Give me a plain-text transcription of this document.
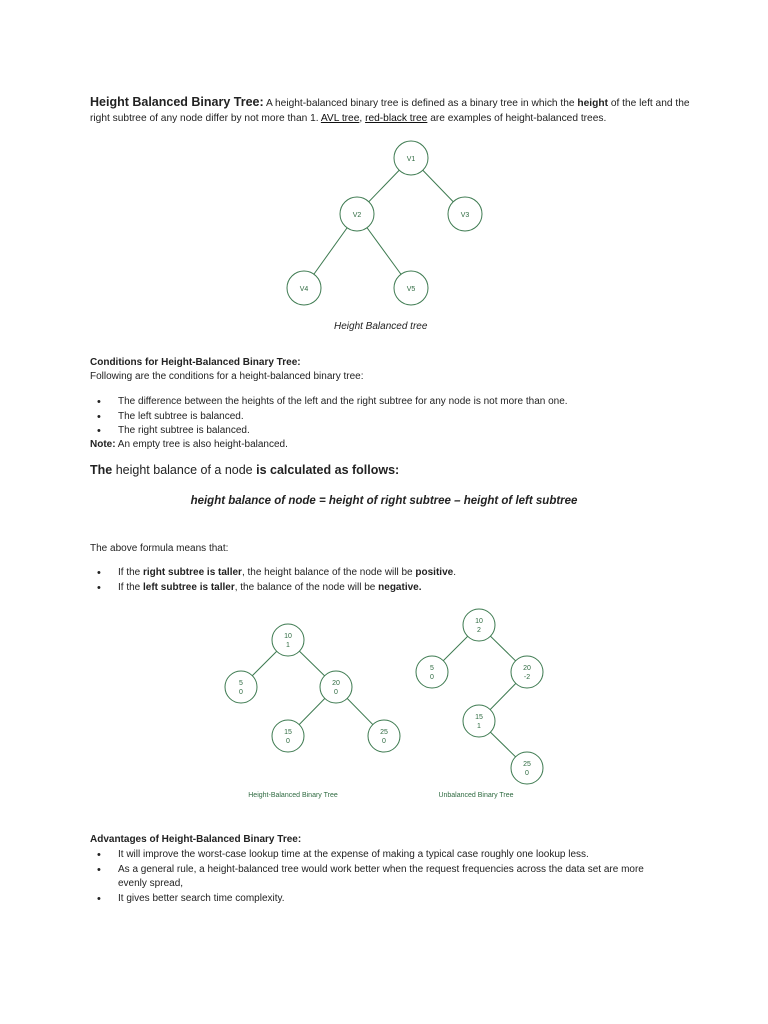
Height Balanced Binary Tree: A height-balanced binary tree is defined as a binary tree in which the height of the left and the right subtree of any node differ by not more than 1. AVL tree, red-black tree are examples of height-balanced trees.
V1
V2	V3
V4	V5
Height Balanced tree
Conditions for Height-Balanced Binary Tree:
Following are the conditions for a height-balanced binary tree:
• The difference between the heights of the left and the right subtree for any node is not more than one.
• The left subtree is balanced.
• The right subtree is balanced.
Note: An empty tree is also height-balanced.
The height balance of a node is calculated as follows:
height balance of node = height of right subtree – height of left subtree
The above formula means that:
• If the right subtree is taller, the height balance of the node will be positive.
• If the left subtree is taller, the balance of the node will be negative.
10
1
5
0
20
0
15
0
25
0
Height-Balanced Binary Tree
10
2
5
0
20
-2
15
1
25
0
Unbalanced Binary Tree
Advantages of Height-Balanced Binary Tree:
• It will improve the worst-case lookup time at the expense of making a typical case roughly one lookup less.
• As a general rule, a height-balanced tree would work better when the request frequencies across the data set are more evenly spread,
• It gives better search time complexity.
